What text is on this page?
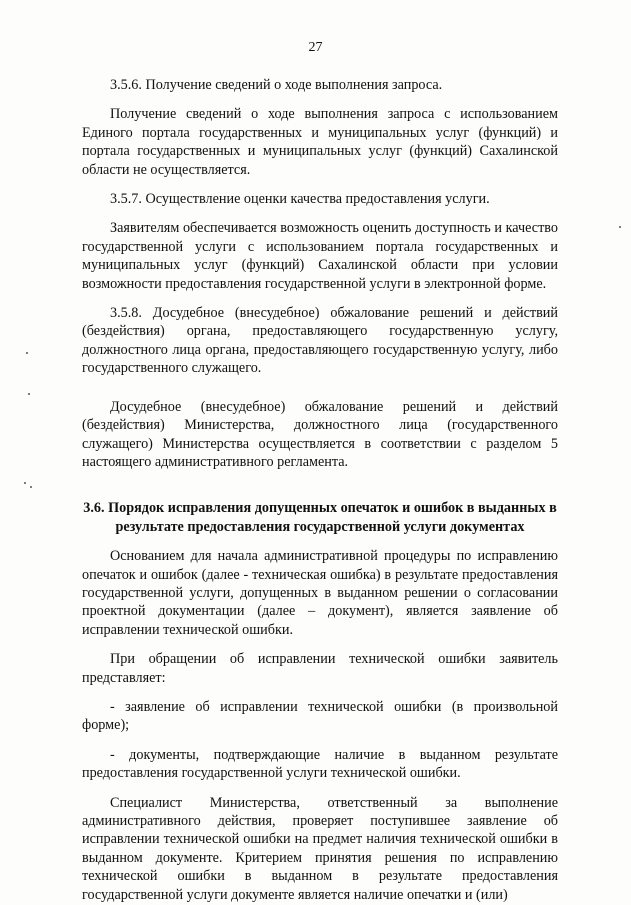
27

3.5.6. Получение сведений о ходе выполнения запроса.

Получение сведений о ходе выполнения запроса с использованием Единого портала государственных и муниципальных услуг (функций) и портала государственных и муниципальных услуг (функций) Сахалинской области не осуществляется.

3.5.7. Осуществление оценки качества предоставления услуги.

Заявителям обеспечивается возможность оценить доступность и качество государственной услуги с использованием портала государственных и муниципальных услуг (функций) Сахалинской области при условии возможности предоставления государственной услуги в электронной форме.

3.5.8. Досудебное (внесудебное) обжалование решений и действий (бездействия) органа, предоставляющего государственную услугу, должностного лица органа, предоставляющего государственную услугу, либо государственного служащего.

Досудебное (внесудебное) обжалование решений и действий (бездействия) Министерства, должностного лица (государственного служащего) Министерства осуществляется в соответствии с разделом 5 настоящего административного регламента.

3.6. Порядок исправления допущенных опечаток и ошибок в выданных в результате предоставления государственной услуги документах

Основанием для начала административной процедуры по исправлению опечаток и ошибок (далее - техническая ошибка) в результате предоставления государственной услуги, допущенных в выданном решении о согласовании проектной документации (далее – документ), является заявление об исправлении технической ошибки.

При обращении об исправлении технической ошибки заявитель представляет:

- заявление об исправлении технической ошибки (в произвольной форме);

- документы, подтверждающие наличие в выданном результате предоставления государственной услуги технической ошибки.

Специалист Министерства, ответственный за выполнение административного действия, проверяет поступившее заявление об исправлении технической ошибки на предмет наличия технической ошибки в выданном документе. Критерием принятия решения по исправлению технической ошибки в выданном в результате предоставления государственной услуги документе является наличие опечатки и (или)
